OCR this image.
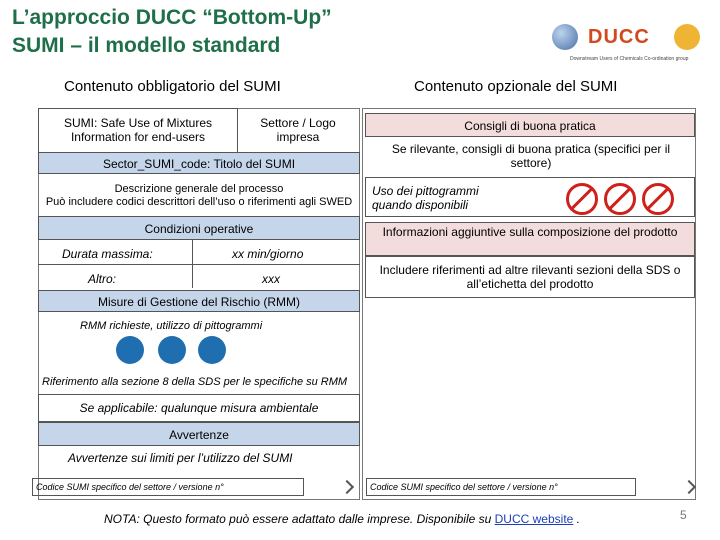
L’approccio DUCC “Bottom-Up”
SUMI – il modello standard	DUCC
Downstream Users of Chemicals Co-ordination group
Contenuto obbligatorio del SUMI	Contenuto opzionale del SUMI
SUMI: Safe Use of Mixtures Information for end-users
Settore / Logo impresa
Sector_SUMI_code: Titolo del SUMI
Descrizione generale del processo
Può includere codici descrittori dell’uso o riferimenti agli SWED
Condizioni operative
Durata massima:	xx min/giorno
Altro:	xxx
Misure di Gestione del Rischio (RMM)
RMM richieste, utilizzo di pittogrammi
Riferimento alla sezione 8 della SDS per le specifiche su RMM
Se applicabile: qualunque misura ambientale
Avvertenze
Avvertenze sui limiti per l’utilizzo del SUMI
Codice SUMI specifico del settore / versione n°
Consigli di buona pratica
Se rilevante, consigli di buona pratica (specifici per il settore)
Uso dei pittogrammi quando disponibili
Informazioni aggiuntive sulla composizione del prodotto
Includere riferimenti ad altre rilevanti sezioni della SDS o all’etichetta del prodotto
Codice SUMI specifico del settore / versione n°
NOTA: Questo formato può essere adattato dalle imprese. Disponibile su DUCC website .	5
